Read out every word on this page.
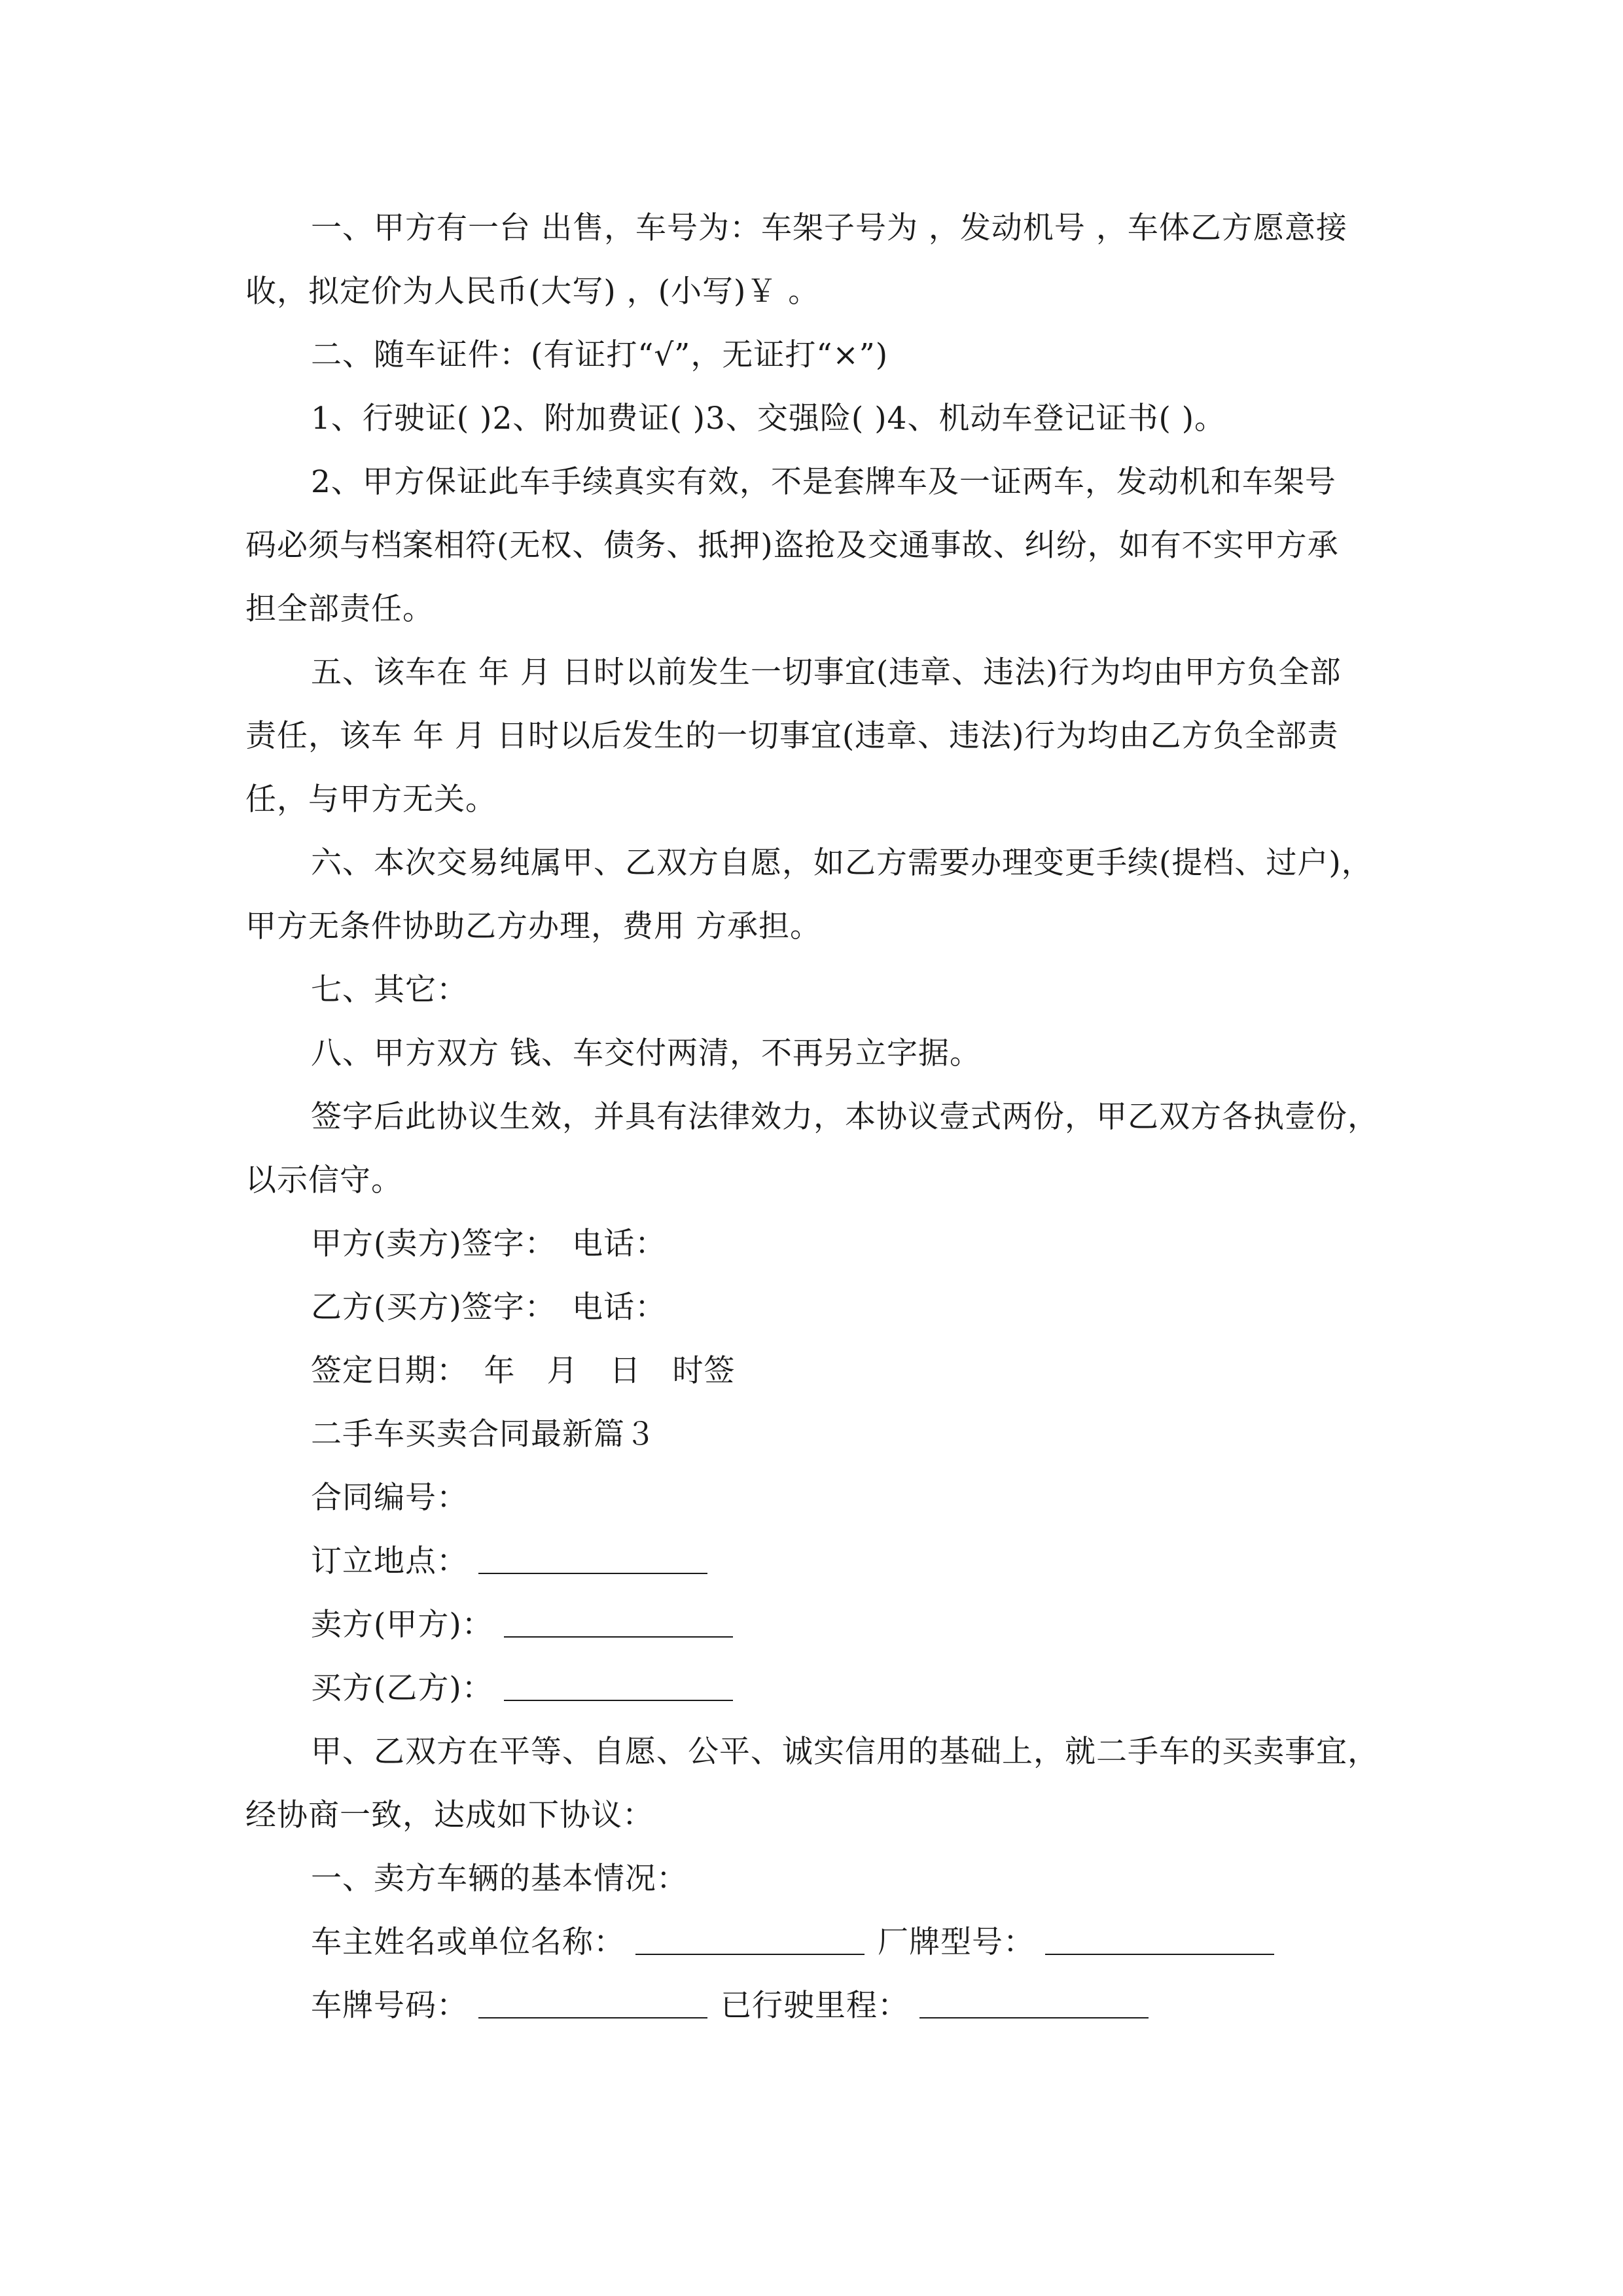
一、甲方有一台 出售，车号为：车架子号为 ，发动机号 ，车体乙方愿意接
收，拟定价为人民币(大写) ，(小写)￥ 。
二、随车证件：(有证打“√”，无证打“×”)
1、行驶证( )2、附加费证( )3、交强险( )4、机动车登记证书( )。
2、甲方保证此车手续真实有效，不是套牌车及一证两车，发动机和车架号
码必须与档案相符(无权、债务、抵押)盗抢及交通事故、纠纷，如有不实甲方承
担全部责任。
五、该车在 年 月 日时以前发生一切事宜(违章、违法)行为均由甲方负全部
责任，该车 年 月 日时以后发生的一切事宜(违章、违法)行为均由乙方负全部责
任，与甲方无关。
六、本次交易纯属甲、乙双方自愿，如乙方需要办理变更手续(提档、过户)，
甲方无条件协助乙方办理，费用 方承担。
七、其它：
八、甲方双方 钱、车交付两清，不再另立字据。
签字后此协议生效，并具有法律效力，本协议壹式两份，甲乙双方各执壹份，
以示信守。
甲方(卖方)签字：　电话：
乙方(买方)签字：　电话：
签定日期：　年　月　日　时签
二手车买卖合同最新篇３
合同编号：
订立地点：
卖方(甲方)：
买方(乙方)：
甲、乙双方在平等、自愿、公平、诚实信用的基础上，就二手车的买卖事宜，
经协商一致，达成如下协议：
一、卖方车辆的基本情况：
车主姓名或单位名称：	厂牌型号：
车牌号码：	已行驶里程：
